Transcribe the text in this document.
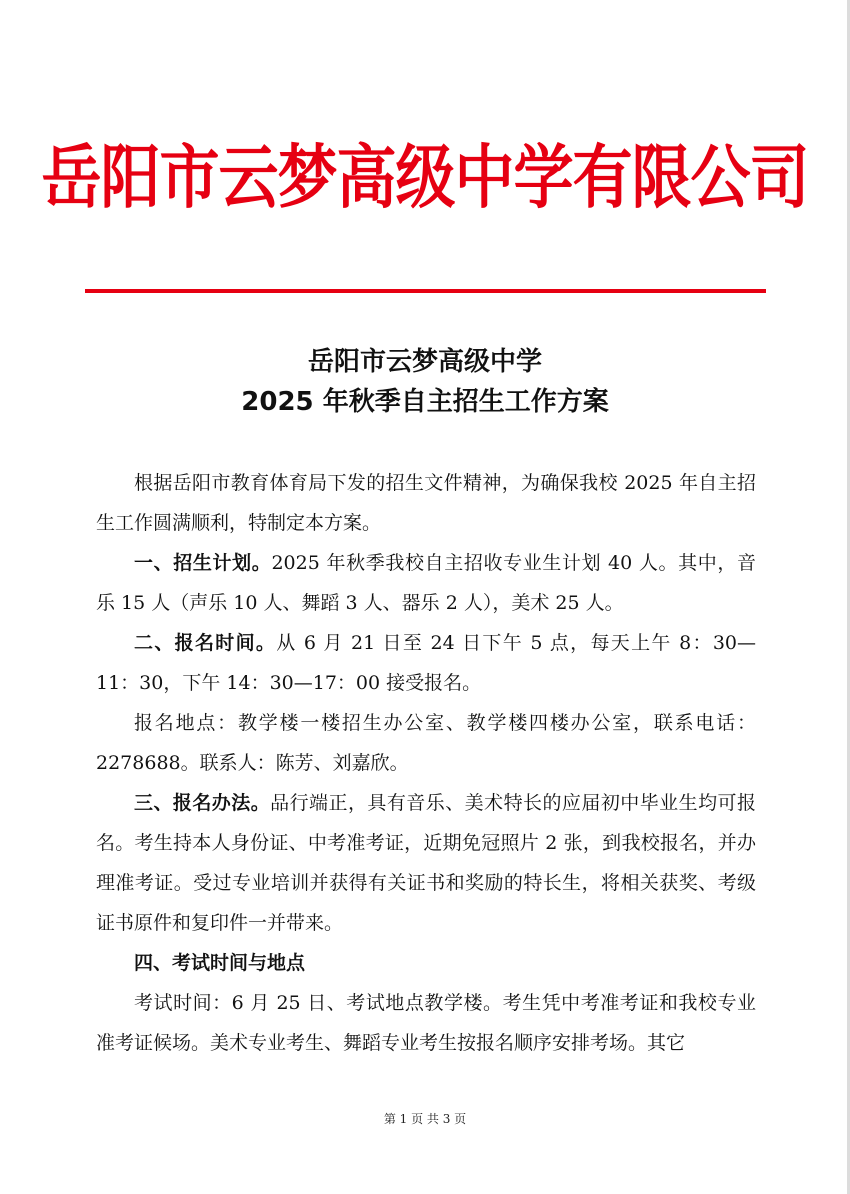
岳阳市云梦高级中学有限公司
岳阳市云梦高级中学
2025 年秋季自主招生工作方案

根据岳阳市教育体育局下发的招生文件精神，为确保我校 2025 年自主招生工作圆满顺利，特制定本方案。

一、招生计划。2025 年秋季我校自主招收专业生计划 40 人。其中，音乐 15 人（声乐 10 人、舞蹈 3 人、器乐 2 人），美术 25 人。

二、报名时间。从 6 月 21 日至 24 日下午 5 点，每天上午 8：30—11：30，下午 14：30—17：00 接受报名。

报名地点：教学楼一楼招生办公室、教学楼四楼办公室，联系电话：2278688。联系人：陈芳、刘嘉欣。

三、报名办法。品行端正，具有音乐、美术特长的应届初中毕业生均可报名。考生持本人身份证、中考准考证，近期免冠照片 2 张，到我校报名，并办理准考证。受过专业培训并获得有关证书和奖励的特长生，将相关获奖、考级证书原件和复印件一并带来。

四、考试时间与地点

考试时间：6 月 25 日、考试地点教学楼。考生凭中考准考证和我校专业准考证候场。美术专业考生、舞蹈专业考生按报名顺序安排考场。其它

第 1 页 共 3 页
